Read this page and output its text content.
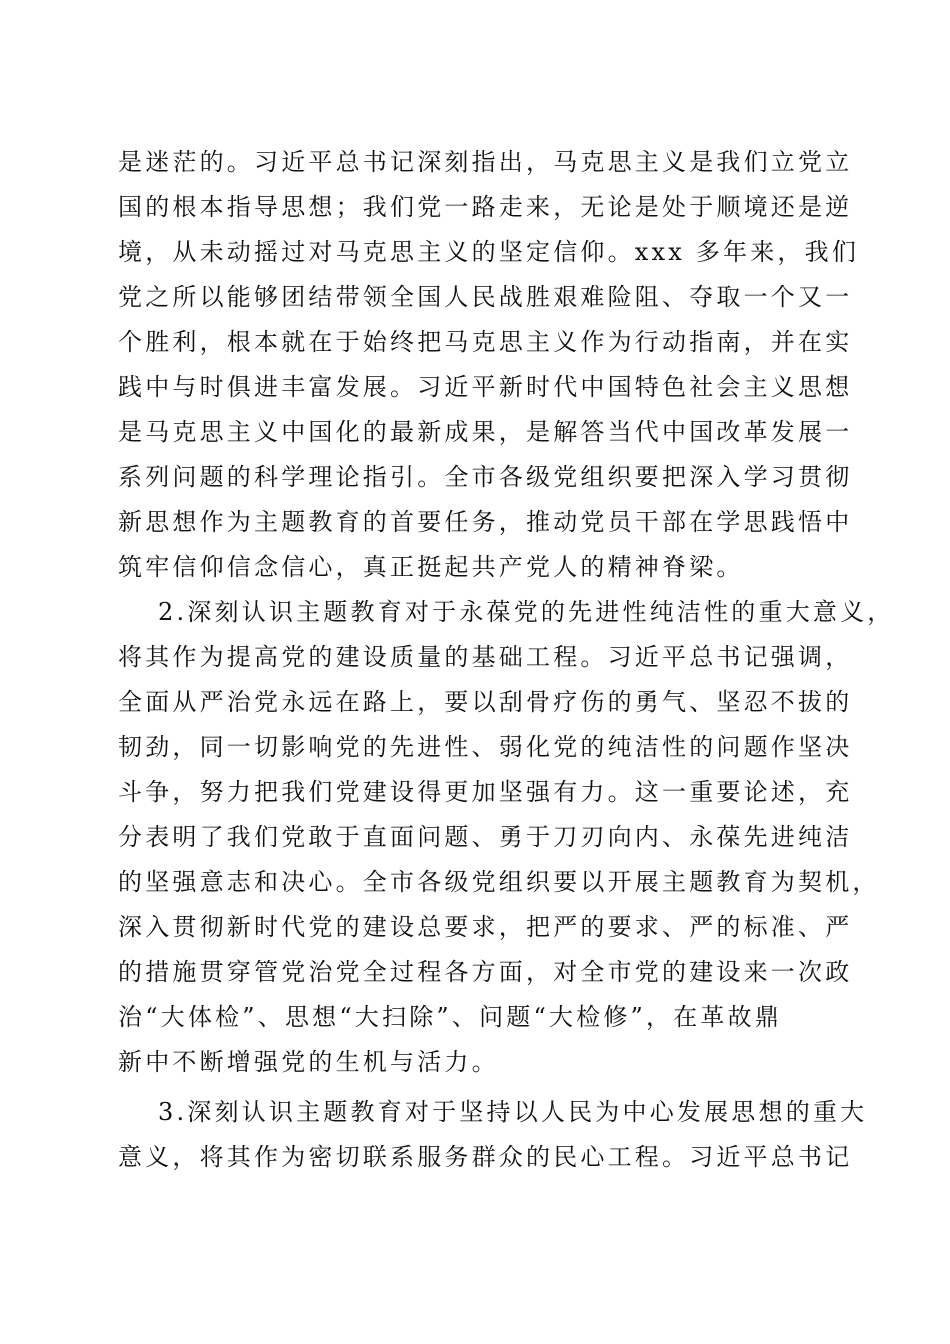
是迷茫的。习近平总书记深刻指出，马克思主义是我们立党立
国的根本指导思想；我们党一路走来，无论是处于顺境还是逆
境，从未动摇过对马克思主义的坚定信仰。xxx 多年来，我们
党之所以能够团结带领全国人民战胜艰难险阻、夺取一个又一
个胜利，根本就在于始终把马克思主义作为行动指南，并在实
践中与时俱进丰富发展。习近平新时代中国特色社会主义思想
是马克思主义中国化的最新成果，是解答当代中国改革发展一
系列问题的科学理论指引。全市各级党组织要把深入学习贯彻
新思想作为主题教育的首要任务，推动党员干部在学思践悟中
筑牢信仰信念信心，真正挺起共产党人的精神脊梁。
2.深刻认识主题教育对于永葆党的先进性纯洁性的重大意义，
将其作为提高党的建设质量的基础工程。习近平总书记强调，
全面从严治党永远在路上，要以刮骨疗伤的勇气、坚忍不拔的
韧劲，同一切影响党的先进性、弱化党的纯洁性的问题作坚决
斗争，努力把我们党建设得更加坚强有力。这一重要论述，充
分表明了我们党敢于直面问题、勇于刀刃向内、永葆先进纯洁
的坚强意志和决心。全市各级党组织要以开展主题教育为契机，
深入贯彻新时代党的建设总要求，把严的要求、严的标准、严
的措施贯穿管党治党全过程各方面，对全市党的建设来一次政
治“大体检”、思想“大扫除”、问题“大检修”，在革故鼎
新中不断增强党的生机与活力。
3.深刻认识主题教育对于坚持以人民为中心发展思想的重大
意义，将其作为密切联系服务群众的民心工程。习近平总书记
